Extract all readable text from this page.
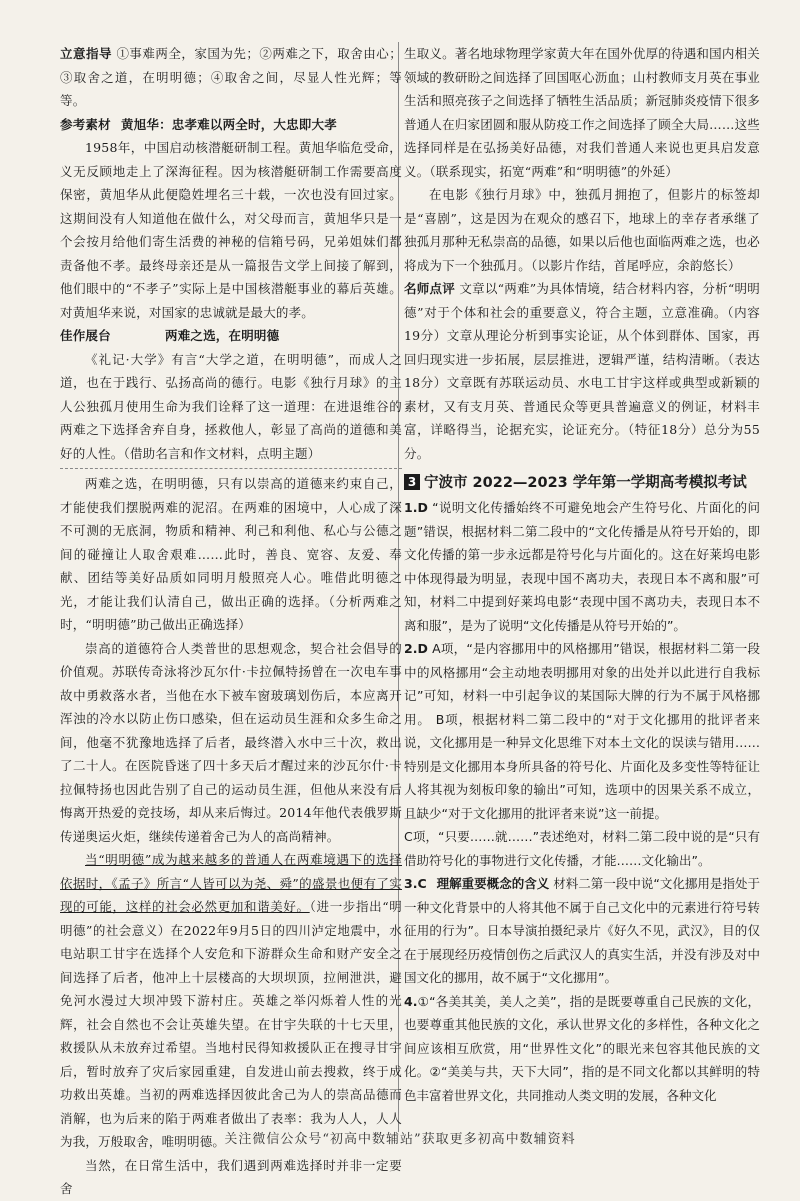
立意指导 ①事难两全，家国为先；②两难之下，取舍由心；③取舍之道，在明明德；④取舍之间，尽显人性光辉；等等。

参考素材 黄旭华：忠孝难以两全时，大忠即大孝

1958年，中国启动核潜艇研制工程。黄旭华临危受命，义无反顾地走上了深海征程。因为核潜艇研制工作需要高度保密，黄旭华从此便隐姓埋名三十载，一次也没有回过家。这期间没有人知道他在做什么，对父母而言，黄旭华只是一个会按月给他们寄生活费的神秘的信箱号码，兄弟姐妹们都责备他不孝。最终母亲还是从一篇报告文学上间接了解到，他们眼中的“不孝子”实际上是中国核潜艇事业的幕后英雄。对黄旭华来说，对国家的忠诚就是最大的孝。

佳作展台	两难之选，在明明德

《礼记·大学》有言“大学之道，在明明德”，而成人之道，也在于践行、弘扬高尚的德行。电影《独行月球》的主人公独孤月使用生命为我们诠释了这一道理：在进退维谷的两难之下选择舍弃自身，拯救他人，彰显了高尚的道德和美好的人性。（借助名言和作文材料，点明主题）

两难之选，在明明德，只有以崇高的道德来约束自己，才能使我们摆脱两难的泥沼。在两难的困境中，人心成了深不可测的无底洞，物质和精神、利己和利他、私心与公德之间的碰撞让人取舍艰难……此时，善良、宽容、友爱、奉献、团结等美好品质如同明月般照亮人心。唯借此明德之光，才能让我们认清自己，做出正确的选择。（分析两难之时，“明明德”助己做出正确选择）

崇高的道德符合人类普世的思想观念，契合社会倡导的价值观。苏联传奇泳将沙瓦尔什·卡拉佩特扬曾在一次电车事故中勇救落水者，当他在水下被车窗玻璃划伤后，本应离开浑浊的冷水以防止伤口感染，但在运动员生涯和众多生命之间，他毫不犹豫地选择了后者，最终潜入水中三十次，救出了二十人。在医院昏迷了四十多天后才醒过来的沙瓦尔什·卡拉佩特扬也因此告别了自己的运动员生涯，但他从来没有后悔离开热爱的竞技场，却从来后悔过。2014年他代表俄罗斯传递奥运火炬，继续传递着舍己为人的高尚精神。

当“明明德”成为越来越多的普通人在两难境遇下的选择依据时，《孟子》所言“人皆可以为尧、舜”的盛景也便有了实现的可能，这样的社会必然更加和谐美好。（进一步指出“明明德”的社会意义）在2022年9月5日的四川泸定地震中，水电站职工甘宇在选择个人安危和下游群众生命和财产安全之间选择了后者，他冲上十层楼高的大坝坝顶，拉闸泄洪，避免河水漫过大坝冲毁下游村庄。英雄之举闪烁着人性的光辉，社会自然也不会让英雄失望。在甘宇失联的十七天里，救援队从未放弃过希望。当地村民得知救援队正在搜寻甘宇后，暂时放弃了灾后家园重建，自发进山前去搜救，终于成功救出英雄。当初的两难选择因彼此舍己为人的崇高品德而消解，也为后来的陷于两难者做出了表率：我为人人，人人为我，万般取舍，唯明明德。

当然，在日常生活中，我们遇到两难选择时并非一定要舍

生取义。著名地球物理学家黄大年在国外优厚的待遇和国内相关领域的教研盼之间选择了回国呕心沥血；山村教师支月英在事业生活和照亮孩子之间选择了牺牲生活品质；新冠肺炎疫情下很多普通人在归家团圆和服从防疫工作之间选择了顾全大局……这些选择同样是在弘扬美好品德，对我们普通人来说也更具启发意义。（联系现实，拓宽“两难”和“明明德”的外延）

在电影《独行月球》中，独孤月拥抱了，但影片的标签却是“喜剧”，这是因为在观众的感召下，地球上的幸存者承继了独孤月那种无私崇高的品德，如果以后他也面临两难之选，也必将成为下一个独孤月。（以影片作结，首尾呼应，余韵悠长）

名师点评 文章以“两难”为具体情境，结合材料内容，分析“明明德”对于个体和社会的重要意义，符合主题，立意准确。（内容19分）文章从理论分析到事实论证，从个体到群体、国家，再回归现实进一步拓展，层层推进，逻辑严谨，结构清晰。（表达18分）文章既有苏联运动员、水电工甘宇这样或典型或新颖的素材，又有支月英、普通民众等更具普遍意义的例证，材料丰富，详略得当，论据充实，论证充分。（特征18分）总分为55分。

3 宁波市 2022—2023 学年第一学期高考模拟考试

1.D “说明文化传播始终不可避免地会产生符号化、片面化的问题”错误，根据材料二第二段中的“文化传播是从符号开始的，即文化传播的第一步永远都是符号化与片面化的。这在好莱坞电影中体现得最为明显，表现中国不离功夫，表现日本不离和服”可知，材料二中提到好莱坞电影“表现中国不离功夫，表现日本不离和服”，是为了说明“文化传播是从符号开始的”。

2.D A项，“是内容挪用中的风格挪用”错误，根据材料二第一段中的风格挪用“会主动地表明挪用对象的出处并以此进行自我标记”可知，材料一中引起争议的某国际大牌的行为不属于风格挪用。 B项，根据材料二第二段中的“对于文化挪用的批评者来说，文化挪用是一种异文化思维下对本土文化的误读与错用……特别是文化挪用本身所具备的符号化、片面化及多变性等特征让人将其视为刻板印象的输出”可知，选项中的因果关系不成立，且缺少“对于文化挪用的批评者来说”这一前提。

C项，“只要……就……”表述绝对，材料二第二段中说的是“只有借助符号化的事物进行文化传播，才能……文化输出”。

3.C 理解重要概念的含义 材料二第一段中说“文化挪用是指处于一种文化背景中的人将其他不属于自己文化中的元素进行符号转征用的行为”。日本导演拍摄纪录片《好久不见，武汉》，目的仅在于展现经历疫情创伤之后武汉人的真实生活，并没有涉及对中国文化的挪用，故不属于“文化挪用”。

4.①“各美其美，美人之美”，指的是既要尊重自己民族的文化，也要尊重其他民族的文化，承认世界文化的多样性，各种文化之间应该相互欣赏，用“世界性文化”的眼光来包容其他民族的文化。②“美美与共，天下大同”，指的是不同文化都以其鲜明的特色丰富着世界文化，共同推动人类文明的发展，各种文化

关注微信公众号“初高中数辅站”获取更多初高中数辅资料
